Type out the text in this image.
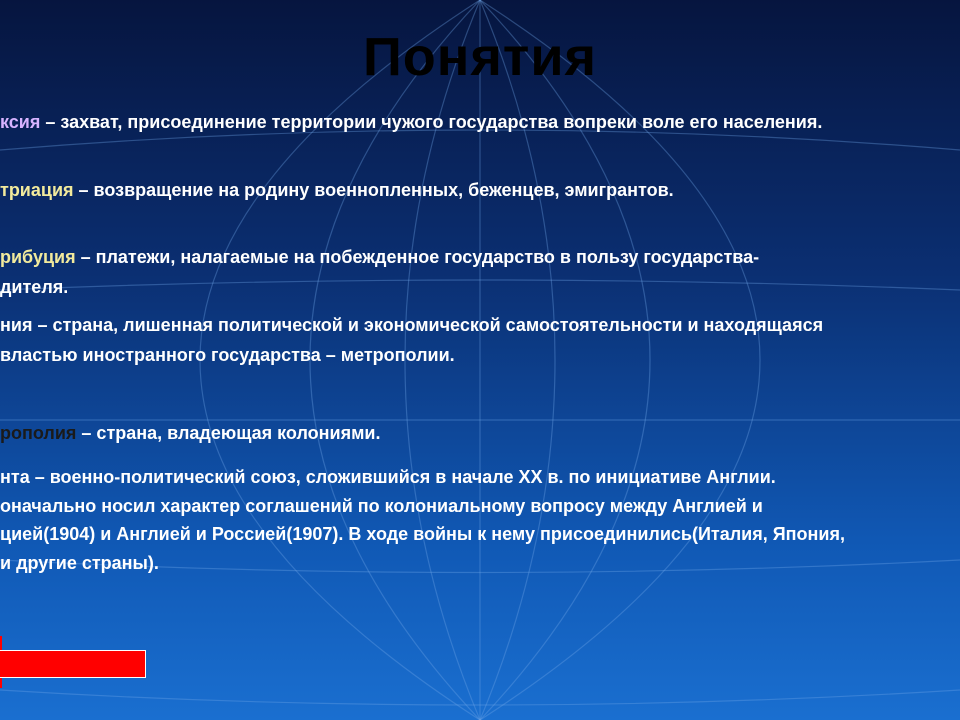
Понятия
ксия – захват, присоединение территории чужого государства вопреки воле его населения.
триация – возвращение на родину военнопленных, беженцев, эмигрантов.
рибуция – платежи, налагаемые на побежденное государство в пользу государства-
дителя.
ния – страна, лишенная политической и экономической самостоятельности и находящаяся
властью иностранного государства – метрополии.
рополия – страна, владеющая колониями.
нта – военно-политический союз, сложившийся в начале XX в. по инициативе Англии.
оначально носил характер соглашений по колониальному вопросу между Англией и
цией(1904) и Англией и Россией(1907). В ходе войны к нему присоединились(Италия, Япония,
и другие страны).
